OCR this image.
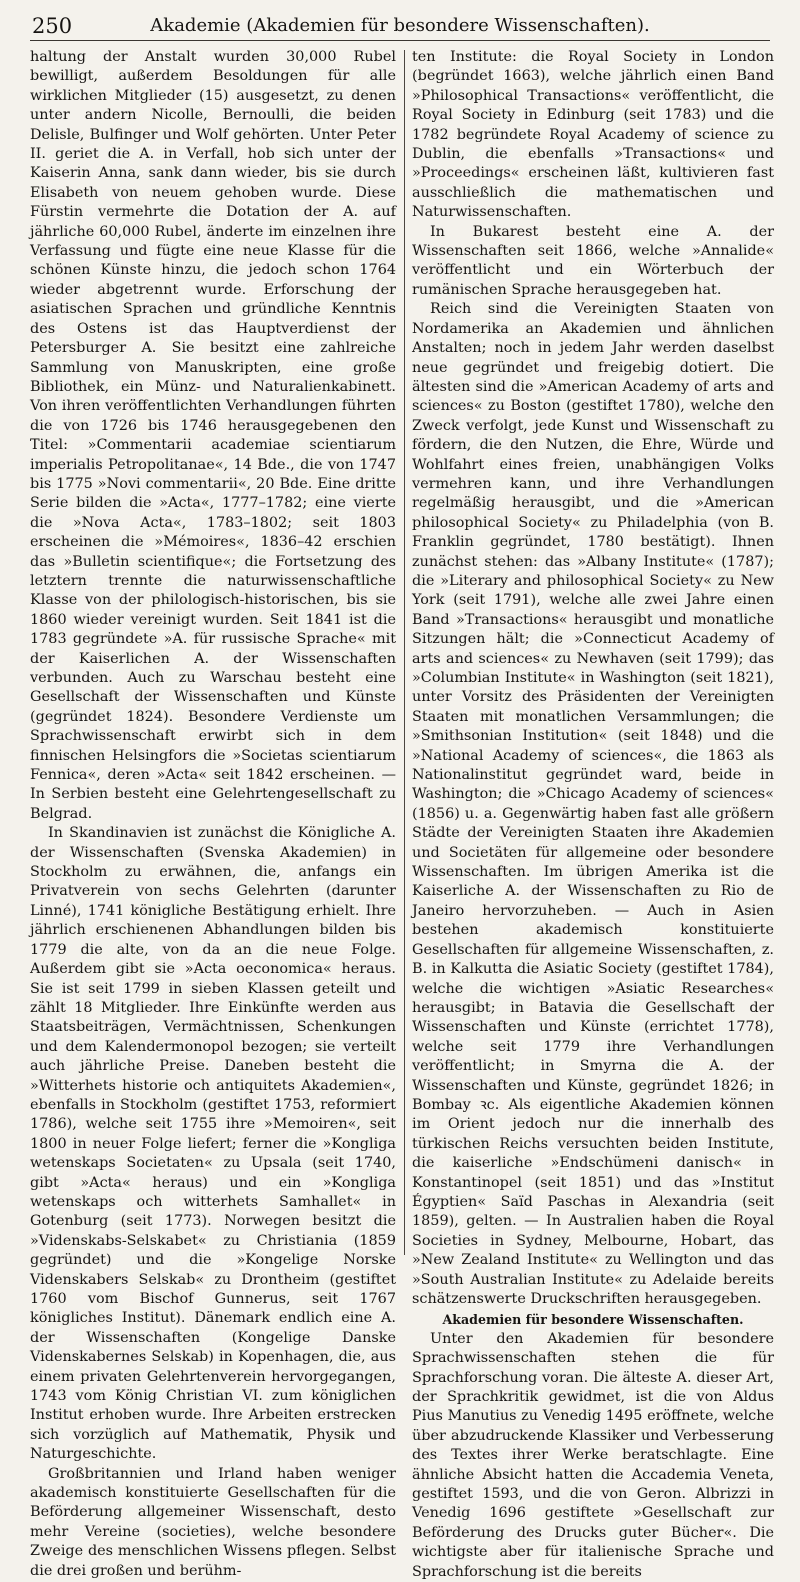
250	Akademie (Akademien für besondere Wissenschaften).

haltung der Anstalt wurden 30,000 Rubel bewilligt, außerdem Besoldungen für alle wirklichen Mitglieder (15) ausgesetzt, zu denen unter andern Nicolle, Bernoulli, die beiden Delisle, Bulfinger und Wolf gehörten. Unter Peter II. geriet die A. in Verfall, hob sich unter der Kaiserin Anna, sank dann wieder, bis sie durch Elisabeth von neuem gehoben wurde. Diese Fürstin vermehrte die Dotation der A. auf jährliche 60,000 Rubel, änderte im einzelnen ihre Verfassung und fügte eine neue Klasse für die schönen Künste hinzu, die jedoch schon 1764 wieder abgetrennt wurde. Erforschung der asiatischen Sprachen und gründliche Kenntnis des Ostens ist das Hauptverdienst der Petersburger A. Sie besitzt eine zahlreiche Sammlung von Manuskripten, eine große Bibliothek, ein Münz- und Naturalienkabinett. Von ihren veröffentlichten Verhandlungen führten die von 1726 bis 1746 herausgegebenen den Titel: »Commentarii academiae scientiarum imperialis Petropolitanae«, 14 Bde., die von 1747 bis 1775 »Novi commentarii«, 20 Bde. Eine dritte Serie bilden die »Acta«, 1777–1782; eine vierte die »Nova Acta«, 1783–1802; seit 1803 erscheinen die »Mémoires«, 1836–42 erschien das »Bulletin scientifique«; die Fortsetzung des letztern trennte die naturwissenschaftliche Klasse von der philologisch-historischen, bis sie 1860 wieder vereinigt wurden. Seit 1841 ist die 1783 gegründete »A. für russische Sprache« mit der Kaiserlichen A. der Wissenschaften verbunden. Auch zu Warschau besteht eine Gesellschaft der Wissenschaften und Künste (gegründet 1824). Besondere Verdienste um Sprachwissenschaft erwirbt sich in dem finnischen Helsingfors die »Societas scientiarum Fennica«, deren »Acta« seit 1842 erscheinen. — In Serbien besteht eine Gelehrtengesellschaft zu Belgrad.

In Skandinavien ist zunächst die Königliche A. der Wissenschaften (Svenska Akademien) in Stockholm zu erwähnen, die, anfangs ein Privatverein von sechs Gelehrten (darunter Linné), 1741 königliche Bestätigung erhielt. Ihre jährlich erschienenen Abhandlungen bilden bis 1779 die alte, von da an die neue Folge. Außerdem gibt sie »Acta oeconomica« heraus. Sie ist seit 1799 in sieben Klassen geteilt und zählt 18 Mitglieder. Ihre Einkünfte werden aus Staatsbeiträgen, Vermächtnissen, Schenkungen und dem Kalendermonopol bezogen; sie verteilt auch jährliche Preise. Daneben besteht die »Witterhets historie och antiquitets Akademien«, ebenfalls in Stockholm (gestiftet 1753, reformiert 1786), welche seit 1755 ihre »Memoiren«, seit 1800 in neuer Folge liefert; ferner die »Kongliga wetenskaps Societaten« zu Upsala (seit 1740, gibt »Acta« heraus) und ein »Kongliga wetenskaps och witterhets Samhallet« in Gotenburg (seit 1773). Norwegen besitzt die »Videnskabs-Selskabet« zu Christiania (1859 gegründet) und die »Kongelige Norske Videnskabers Selskab« zu Drontheim (gestiftet 1760 vom Bischof Gunnerus, seit 1767 königliches Institut). Dänemark endlich eine A. der Wissenschaften (Kongelige Danske Videnskabernes Selskab) in Kopenhagen, die, aus einem privaten Gelehrtenverein hervorgegangen, 1743 vom König Christian VI. zum königlichen Institut erhoben wurde. Ihre Arbeiten erstrecken sich vorzüglich auf Mathematik, Physik und Naturgeschichte.

Großbritannien und Irland haben weniger akademisch konstituierte Gesellschaften für die Beförderung allgemeiner Wissenschaft, desto mehr Vereine (societies), welche besondere Zweige des menschlichen Wissens pflegen. Selbst die drei großen und berühm-

ten Institute: die Royal Society in London (begründet 1663), welche jährlich einen Band »Philosophical Transactions« veröffentlicht, die Royal Society in Edinburg (seit 1783) und die 1782 begründete Royal Academy of science zu Dublin, die ebenfalls »Transactions« und »Proceedings« erscheinen läßt, kultivieren fast ausschließlich die mathematischen und Naturwissenschaften.

In Bukarest besteht eine A. der Wissenschaften seit 1866, welche »Annalide« veröffentlicht und ein Wörterbuch der rumänischen Sprache herausgegeben hat.

Reich sind die Vereinigten Staaten von Nordamerika an Akademien und ähnlichen Anstalten; noch in jedem Jahr werden daselbst neue gegründet und freigebig dotiert. Die ältesten sind die »American Academy of arts and sciences« zu Boston (gestiftet 1780), welche den Zweck verfolgt, jede Kunst und Wissenschaft zu fördern, die den Nutzen, die Ehre, Würde und Wohlfahrt eines freien, unabhängigen Volks vermehren kann, und ihre Verhandlungen regelmäßig herausgibt, und die »American philosophical Society« zu Philadelphia (von B. Franklin gegründet, 1780 bestätigt). Ihnen zunächst stehen: das »Albany Institute« (1787); die »Literary and philosophical Society« zu New York (seit 1791), welche alle zwei Jahre einen Band »Transactions« herausgibt und monatliche Sitzungen hält; die »Connecticut Academy of arts and sciences« zu Newhaven (seit 1799); das »Columbian Institute« in Washington (seit 1821), unter Vorsitz des Präsidenten der Vereinigten Staaten mit monatlichen Versammlungen; die »Smithsonian Institution« (seit 1848) und die »National Academy of sciences«, die 1863 als Nationalinstitut gegründet ward, beide in Washington; die »Chicago Academy of sciences« (1856) u. a. Gegenwärtig haben fast alle größern Städte der Vereinigten Staaten ihre Akademien und Societäten für allgemeine oder besondere Wissenschaften. Im übrigen Amerika ist die Kaiserliche A. der Wissenschaften zu Rio de Janeiro hervorzuheben. — Auch in Asien bestehen akademisch konstituierte Gesellschaften für allgemeine Wissenschaften, z. B. in Kalkutta die Asiatic Society (gestiftet 1784), welche die wichtigen »Asiatic Researches« herausgibt; in Batavia die Gesellschaft der Wissenschaften und Künste (errichtet 1778), welche seit 1779 ihre Verhandlungen veröffentlicht; in Smyrna die A. der Wissenschaften und Künste, gegründet 1826; in Bombay ꝛc. Als eigentliche Akademien können im Orient jedoch nur die innerhalb des türkischen Reichs versuchten beiden Institute, die kaiserliche »Endschümeni danisch« in Konstantinopel (seit 1851) und das »Institut Égyptien« Saïd Paschas in Alexandria (seit 1859), gelten. — In Australien haben die Royal Societies in Sydney, Melbourne, Hobart, das »New Zealand Institute« zu Wellington und das »South Australian Institute« zu Adelaide bereits schätzenswerte Druckschriften herausgegeben.

Akademien für besondere Wissenschaften.

Unter den Akademien für besondere Sprachwissenschaften stehen die für Sprachforschung voran. Die älteste A. dieser Art, der Sprachkritik gewidmet, ist die von Aldus Pius Manutius zu Venedig 1495 eröffnete, welche über abzudruckende Klassiker und Verbesserung des Textes ihrer Werke beratschlagte. Eine ähnliche Absicht hatten die Accademia Veneta, gestiftet 1593, und die von Geron. Albrizzi in Venedig 1696 gestiftete »Gesellschaft zur Beförderung des Drucks guter Bücher«. Die wichtigste aber für italienische Sprache und Sprachforschung ist die bereits
